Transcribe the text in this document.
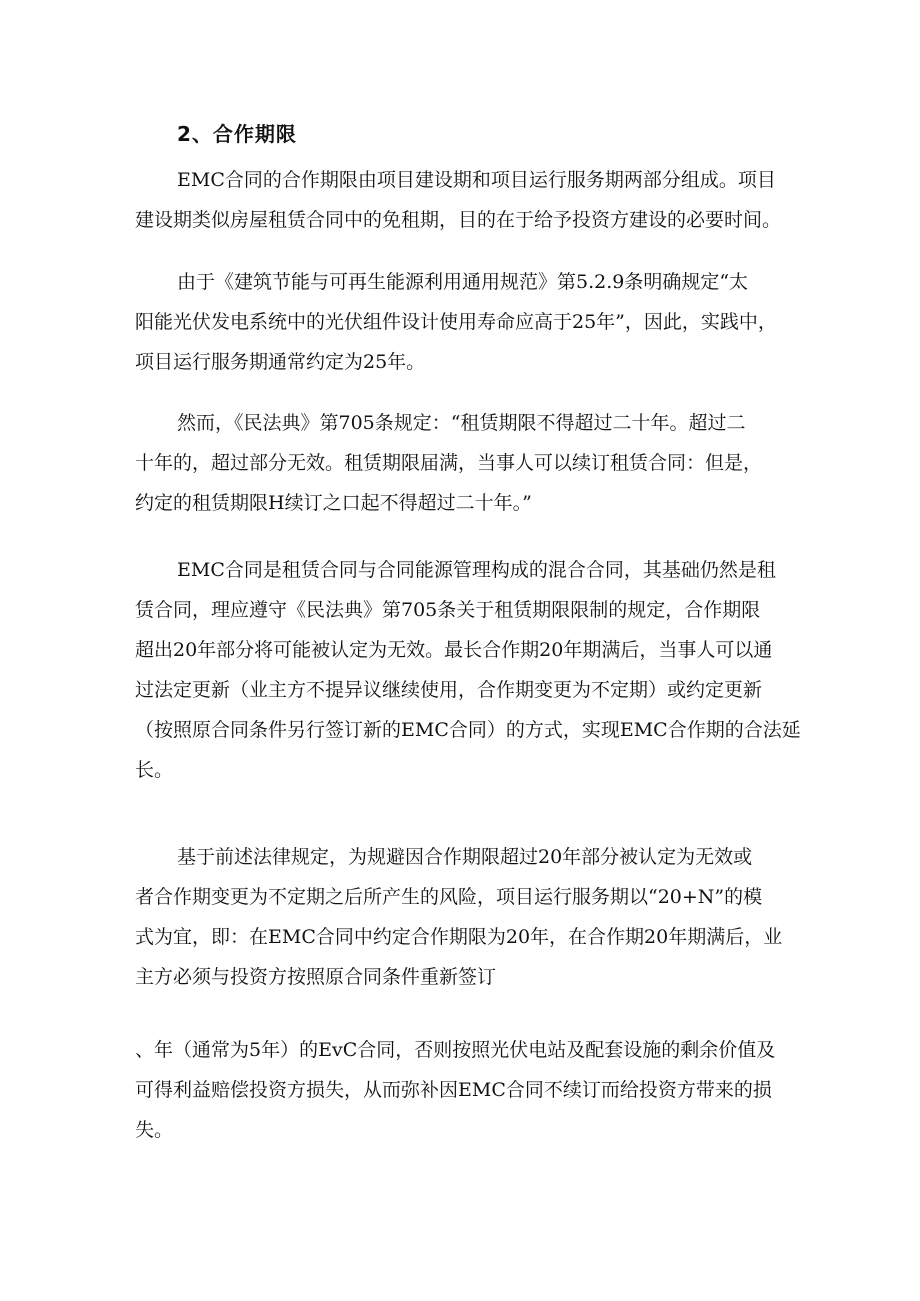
2、合作期限
EMC合同的合作期限由项目建设期和项目运行服务期两部分组成。项目
建设期类似房屋租赁合同中的免租期，目的在于给予投资方建设的必要时间。
由于《建筑节能与可再生能源利用通用规范》第5.2.9条明确规定“太
阳能光伏发电系统中的光伏组件设计使用寿命应高于25年”，因此，实践中，
项目运行服务期通常约定为25年。
然而，《民法典》第705条规定：“租赁期限不得超过二十年。超过二
十年的，超过部分无效。租赁期限届满，当事人可以续订租赁合同：但是，
约定的租赁期限H续订之口起不得超过二十年。”
EMC合同是租赁合同与合同能源管理构成的混合合同，其基础仍然是租
赁合同，理应遵守《民法典》第705条关于租赁期限限制的规定，合作期限
超出20年部分将可能被认定为无效。最长合作期20年期满后，当事人可以通
过法定更新（业主方不提异议继续使用，合作期变更为不定期）或约定更新
（按照原合同条件另行签订新的EMC合同）的方式，实现EMC合作期的合法延
长。
基于前述法律规定，为规避因合作期限超过20年部分被认定为无效或
者合作期变更为不定期之后所产生的风险，项目运行服务期以“20+N”的模
式为宜，即：在EMC合同中约定合作期限为20年，在合作期20年期满后，业
主方必须与投资方按照原合同条件重新签订
、年（通常为5年）的EvC合同，否则按照光伏电站及配套设施的剩余价值及
可得利益赔偿投资方损失，从而弥补因EMC合同不续订而给投资方带来的损
失。
